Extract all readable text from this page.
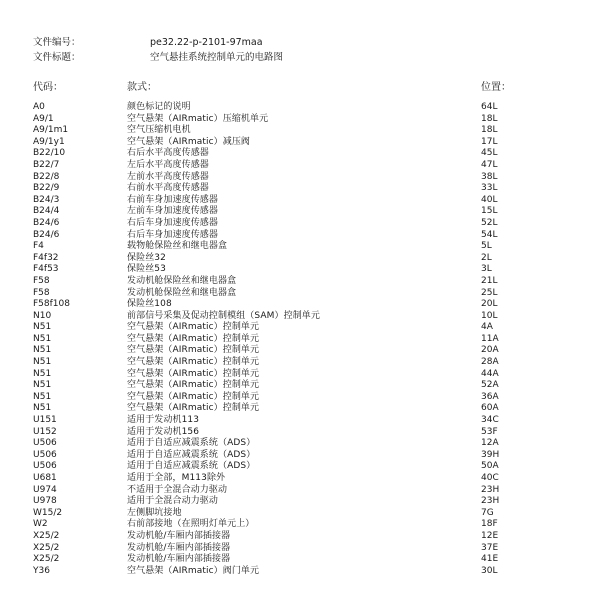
文件编号：	pe32.22-p-2101-97maa
文件标题：	空气悬挂系统控制单元的电路图
代码：	款式：	位置：
A0	颜色标记的说明	64L
A9/1	空气悬架（AIRmatic）压缩机单元	18L
A9/1m1	空气压缩机电机	18L
A9/1y1	空气悬架（AIRmatic）减压阀	17L
B22/10	右后水平高度传感器	45L
B22/7	左后水平高度传感器	47L
B22/8	左前水平高度传感器	38L
B22/9	右前水平高度传感器	33L
B24/3	右前车身加速度传感器	40L
B24/4	左前车身加速度传感器	15L
B24/6	右后车身加速度传感器	52L
B24/6	右后车身加速度传感器	54L
F4	载物舱保险丝和继电器盒	5L
F4f32	保险丝32	2L
F4f53	保险丝53	3L
F58	发动机舱保险丝和继电器盒	21L
F58	发动机舱保险丝和继电器盒	25L
F58f108	保险丝108	20L
N10	前部信号采集及促动控制模组（SAM）控制单元	10L
N51	空气悬架（AIRmatic）控制单元	4A
N51	空气悬架（AIRmatic）控制单元	11A
N51	空气悬架（AIRmatic）控制单元	20A
N51	空气悬架（AIRmatic）控制单元	28A
N51	空气悬架（AIRmatic）控制单元	44A
N51	空气悬架（AIRmatic）控制单元	52A
N51	空气悬架（AIRmatic）控制单元	36A
N51	空气悬架（AIRmatic）控制单元	60A
U151	适用于发动机113	34C
U152	适用于发动机156	53F
U506	适用于自适应减震系统（ADS）	12A
U506	适用于自适应减震系统（ADS）	39H
U506	适用于自适应减震系统（ADS）	50A
U681	适用于全部，M113除外	40C
U974	不适用于全混合动力驱动	23H
U978	适用于全混合动力驱动	23H
W15/2	左侧脚坑接地	7G
W2	右前部接地（在照明灯单元上）	18F
X25/2	发动机舱/车厢内部插接器	12E
X25/2	发动机舱/车厢内部插接器	37E
X25/2	发动机舱/车厢内部插接器	41E
Y36	空气悬架（AIRmatic）阀门单元	30L
